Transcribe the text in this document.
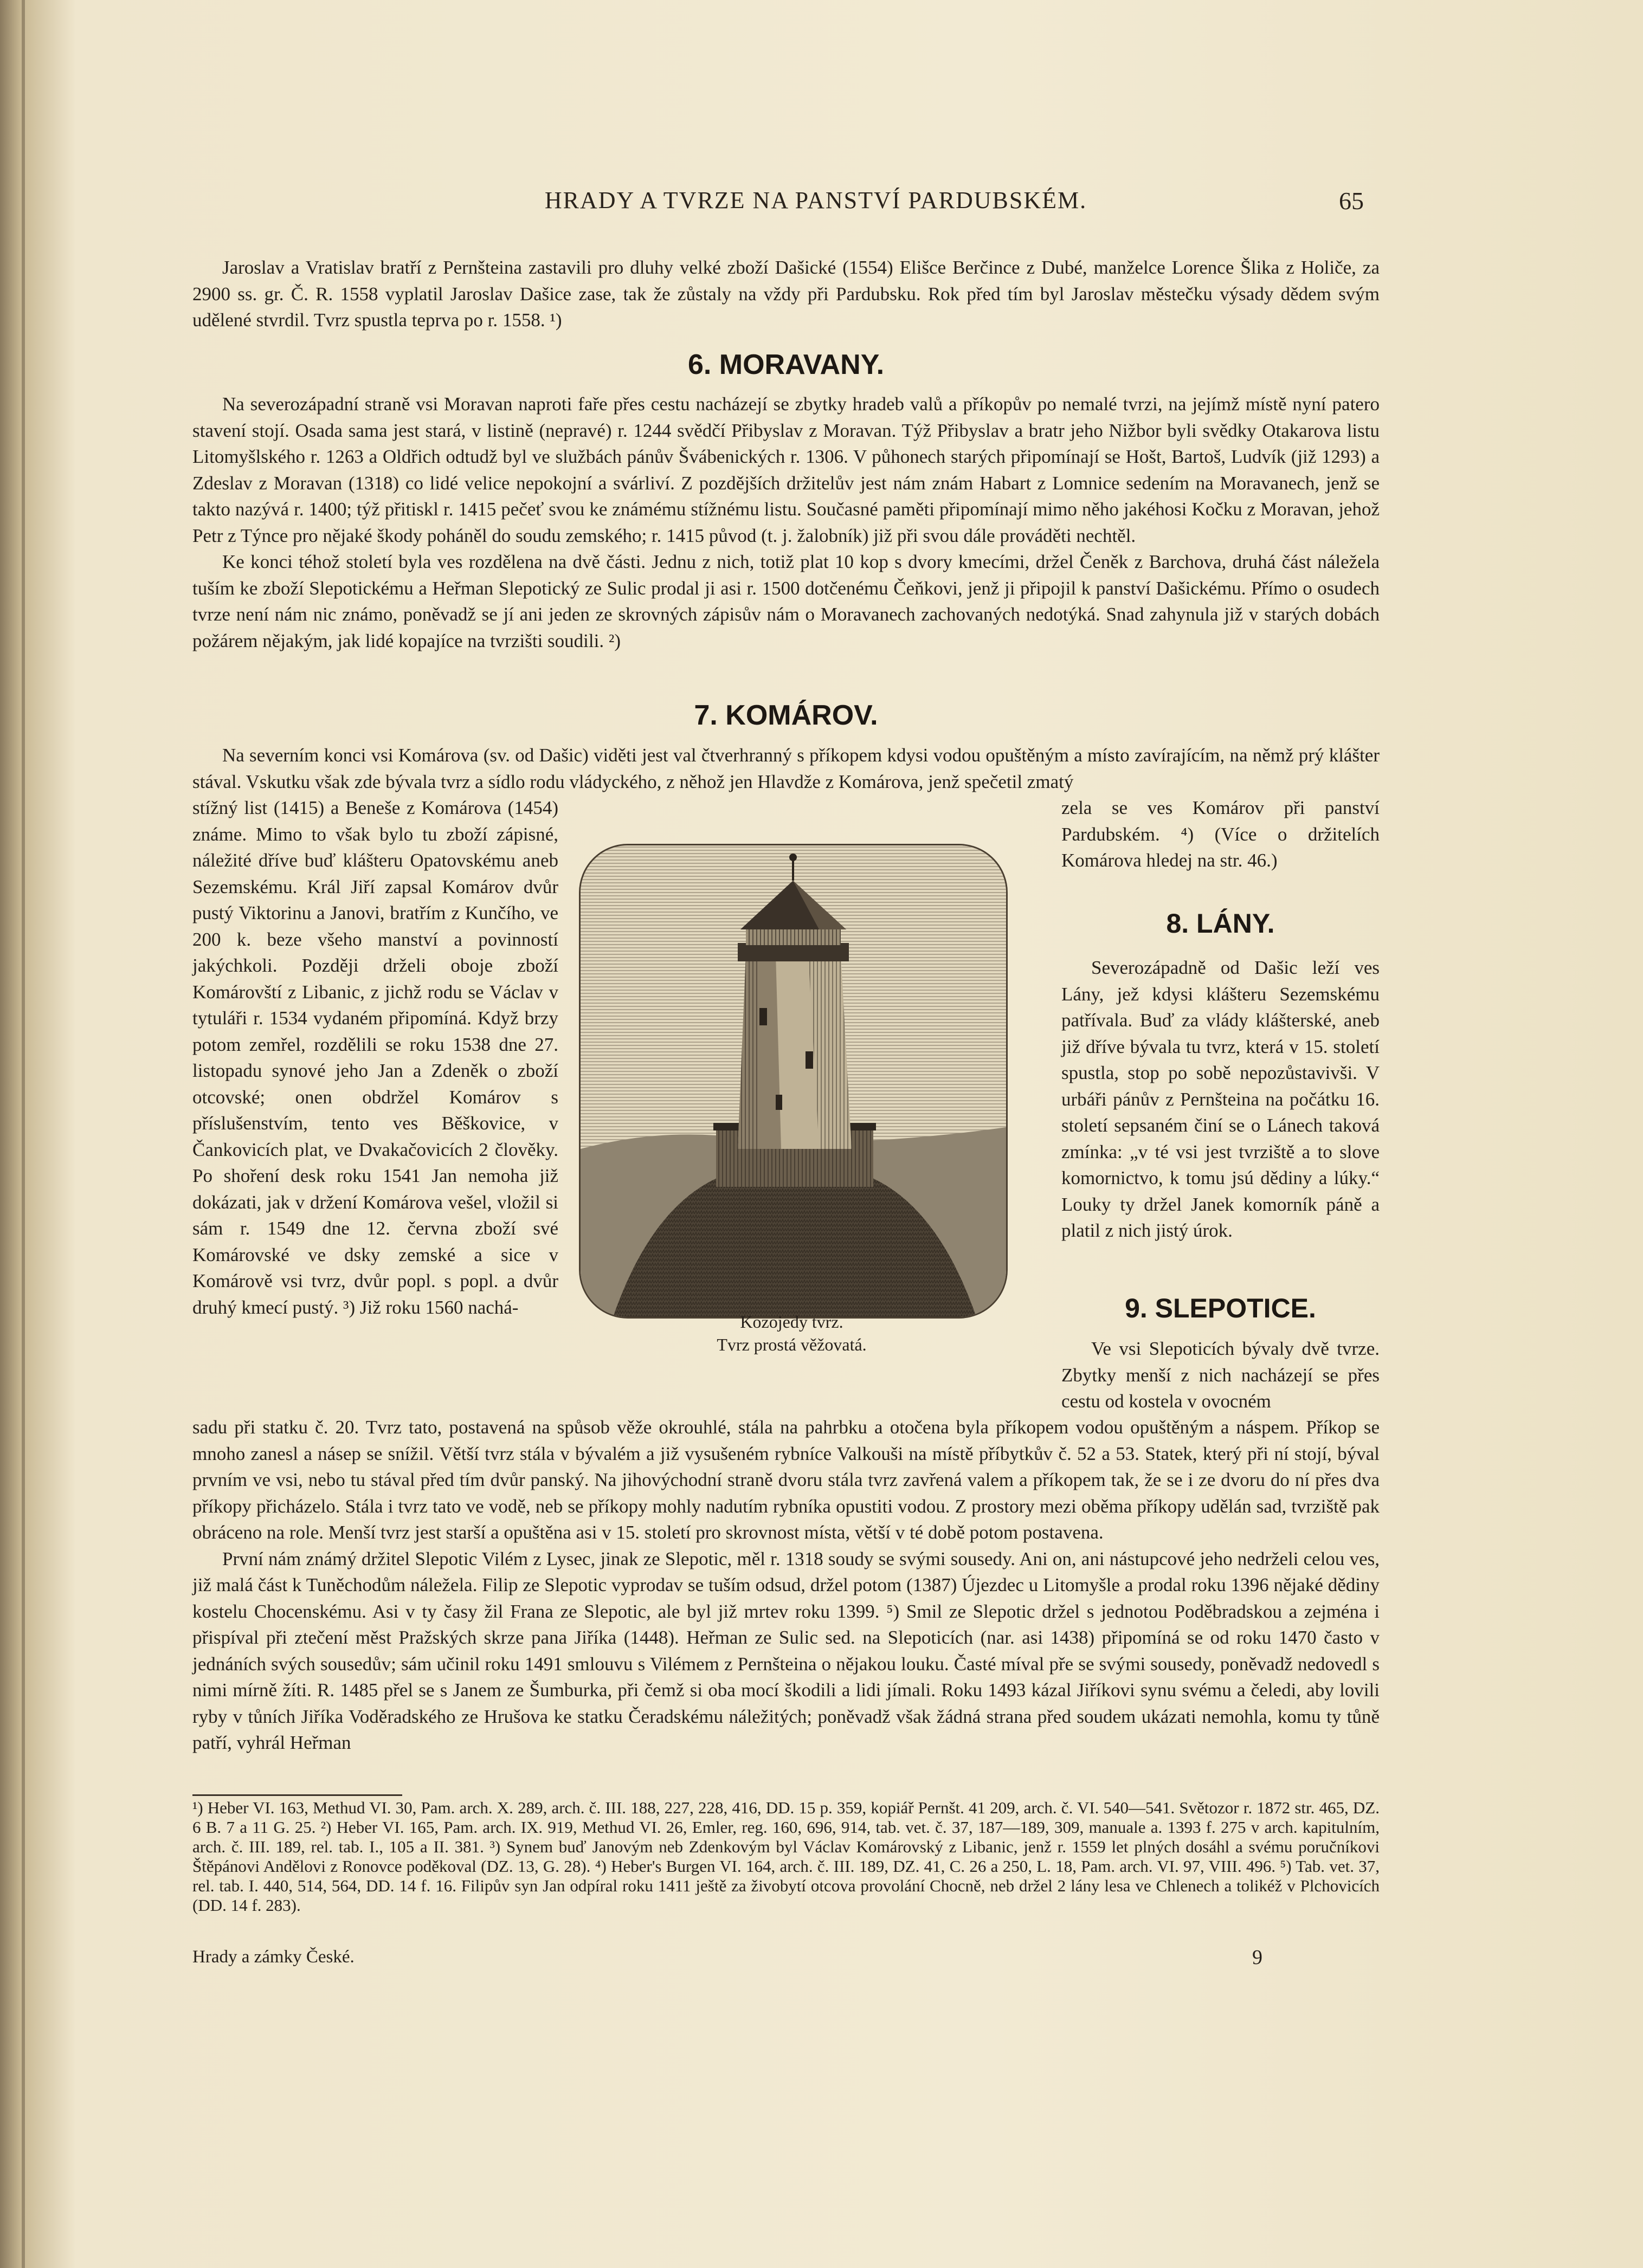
HRADY A TVRZE NA PANSTVÍ PARDUBSKÉM.	65

Jaroslav a Vratislav bratří z Pernšteina zastavili pro dluhy velké zboží Dašické (1554) Elišce Berčince z Dubé, manželce Lorence Šlika z Holiče, za 2900 ss. gr. Č. R. 1558 vyplatil Jaroslav Dašice zase, tak že zůstaly na vždy při Pardubsku. Rok před tím byl Jaroslav městečku výsady dědem svým udělené stvrdil. Tvrz spustla teprva po r. 1558. ¹)

6. MORAVANY.

Na severozápadní straně vsi Moravan naproti faře přes cestu nacházejí se zbytky hradeb valů a příkopův po nemalé tvrzi, na jejímž místě nyní patero stavení stojí. Osada sama jest stará, v listině (nepravé) r. 1244 svědčí Přibyslav z Moravan. Týž Přibyslav a bratr jeho Nižbor byli svědky Otakarova listu Litomyšlského r. 1263 a Oldřich odtudž byl ve službách pánův Švábenických r. 1306. V půhonech starých připomínají se Hošt, Bartoš, Ludvík (již 1293) a Zdeslav z Moravan (1318) co lidé velice nepokojní a svárliví. Z pozdějších držitelův jest nám znám Habart z Lomnice sedením na Moravanech, jenž se takto nazývá r. 1400; týž přitiskl r. 1415 pečeť svou ke známému stížnému listu. Současné paměti připomínají mimo něho jakéhosi Kočku z Moravan, jehož Petr z Týnce pro nějaké škody poháněl do soudu zemského; r. 1415 původ (t. j. žalobník) již při svou dále prováděti nechtěl.

Ke konci téhož století byla ves rozdělena na dvě části. Jednu z nich, totiž plat 10 kop s dvory kmecími, držel Čeněk z Barchova, druhá část náležela tuším ke zboží Slepotickému a Heřman Slepotický ze Sulic prodal ji asi r. 1500 dotčenému Čeňkovi, jenž ji připojil k panství Dašickému. Přímo o osudech tvrze není nám nic známo, poněvadž se jí ani jeden ze skrovných zápisův nám o Moravanech zachovaných nedotýká. Snad zahynula již v starých dobách požárem nějakým, jak lidé kopajíce na tvrzišti soudili. ²)

7. KOMÁROV.

Na severním konci vsi Komárova (sv. od Dašic) viděti jest val čtverhranný s příkopem kdysi vodou opuštěným a místo zavírajícím, na němž prý klášter stával. Vskutku však zde bývala tvrz a sídlo rodu vládyckého, z něhož jen Hlavdže z Komárova, jenž spečetil zmatý

stížný list (1415) a Beneše z Komárova (1454) známe. Mimo to však bylo tu zboží zápisné, náležité dříve buď klášteru Opatovskému aneb Sezemskému. Král Jiří zapsal Komárov dvůr pustý Viktorinu a Janovi, bratřím z Kunčího, ve 200 k. beze všeho manství a povinností jakýchkoli. Později drželi oboje zboží Komárovští z Libanic, z jichž rodu se Václav v tytuláři r. 1534 vydaném připomíná. Když brzy potom zemřel, rozdělili se roku 1538 dne 27. listopadu synové jeho Jan a Zdeněk o zboží otcovské; onen obdržel Komárov s příslušenstvím, tento ves Běškovice, v Čankovicích plat, ve Dvakačovicích 2 člověky. Po shoření desk roku 1541 Jan nemoha již dokázati, jak v držení Komárova vešel, vložil si sám r. 1549 dne 12. června zboží své Komárovské ve dsky zemské a sice v Komárově vsi tvrz, dvůr popl. s popl. a dvůr druhý kmecí pustý. ³) Již roku 1560 nachá-

Kozojedy tvrz.
Tvrz prostá věžovatá.

zela se ves Komárov při panství Pardubském. ⁴) (Více o držitelích Komárova hledej na str. 46.)

8. LÁNY.

Severozápadně od Dašic leží ves Lány, jež kdysi klášteru Sezemskému patřívala. Buď za vlády klášterské, aneb již dříve bývala tu tvrz, která v 15. století spustla, stop po sobě nepozůstavivši. V urbáři pánův z Pernšteina na počátku 16. století sepsaném činí se o Lánech taková zmínka: „v té vsi jest tvrziště a to slove komornictvo, k tomu jsú dědiny a lúky.“ Louky ty držel Janek komorník páně a platil z nich jistý úrok.

9. SLEPOTICE.

Ve vsi Slepoticích bývaly dvě tvrze. Zbytky menší z nich nacházejí se přes cestu od kostela v ovocném

sadu při statku č. 20. Tvrz tato, postavená na spůsob věže okrouhlé, stála na pahrbku a otočena byla příkopem vodou opuštěným a náspem. Příkop se mnoho zanesl a násep se snížil. Větší tvrz stála v bývalém a již vysušeném rybníce Valkouši na místě příbytkův č. 52 a 53. Statek, který při ní stojí, býval prvním ve vsi, nebo tu stával před tím dvůr panský. Na jihovýchodní straně dvoru stála tvrz zavřená valem a příkopem tak, že se i ze dvoru do ní přes dva příkopy přicházelo. Stála i tvrz tato ve vodě, neb se příkopy mohly nadutím rybníka opustiti vodou. Z prostory mezi oběma příkopy udělán sad, tvrziště pak obráceno na role. Menší tvrz jest starší a opuštěna asi v 15. století pro skrovnost místa, větší v té době potom postavena.

První nám známý držitel Slepotic Vilém z Lysec, jinak ze Slepotic, měl r. 1318 soudy se svými sousedy. Ani on, ani nástupcové jeho nedrželi celou ves, již malá část k Tuněchodům náležela. Filip ze Slepotic vyprodav se tuším odsud, držel potom (1387) Újezdec u Litomyšle a prodal roku 1396 nějaké dědiny kostelu Chocenskému. Asi v ty časy žil Frana ze Slepotic, ale byl již mrtev roku 1399. ⁵) Smil ze Slepotic držel s jednotou Poděbradskou a zejména i přispíval při ztečení měst Pražských skrze pana Jiříka (1448). Heřman ze Sulic sed. na Slepoticích (nar. asi 1438) připomíná se od roku 1470 často v jednáních svých sousedův; sám učinil roku 1491 smlouvu s Vilémem z Pernšteina o nějakou louku. Časté míval pře se svými sousedy, poněvadž nedovedl s nimi mírně žíti. R. 1485 přel se s Janem ze Šumburka, při čemž si oba mocí škodili a lidi jímali. Roku 1493 kázal Jiříkovi synu svému a čeledi, aby lovili ryby v tůních Jiříka Voděradského ze Hrušova ke statku Čeradskému náležitých; poněvadž však žádná strana před soudem ukázati nemohla, komu ty tůně patří, vyhrál Heřman

¹) Heber VI. 163, Methud VI. 30, Pam. arch. X. 289, arch. č. III. 188, 227, 228, 416, DD. 15 p. 359, kopiář Pernšt. 41 209, arch. č. VI. 540—541. Světozor r. 1872 str. 465, DZ. 6 B. 7 a 11 G. 25. ²) Heber VI. 165, Pam. arch. IX. 919, Methud VI. 26, Emler, reg. 160, 696, 914, tab. vet. č. 37, 187—189, 309, manuale a. 1393 f. 275 v arch. kapitulním, arch. č. III. 189, rel. tab. I., 105 a II. 381. ³) Synem buď Janovým neb Zdenkovým byl Václav Komárovský z Libanic, jenž r. 1559 let plných dosáhl a svému poručníkovi Štěpánovi Andělovi z Ronovce poděkoval (DZ. 13, G. 28). ⁴) Heber's Burgen VI. 164, arch. č. III. 189, DZ. 41, C. 26 a 250, L. 18, Pam. arch. VI. 97, VIII. 496. ⁵) Tab. vet. 37, rel. tab. I. 440, 514, 564, DD. 14 f. 16. Filipův syn Jan odpíral roku 1411 ještě za živobytí otcova provolání Chocně, neb držel 2 lány lesa ve Chlenech a tolikéž v Plchovicích (DD. 14 f. 283).

Hrady a zámky České.	9
